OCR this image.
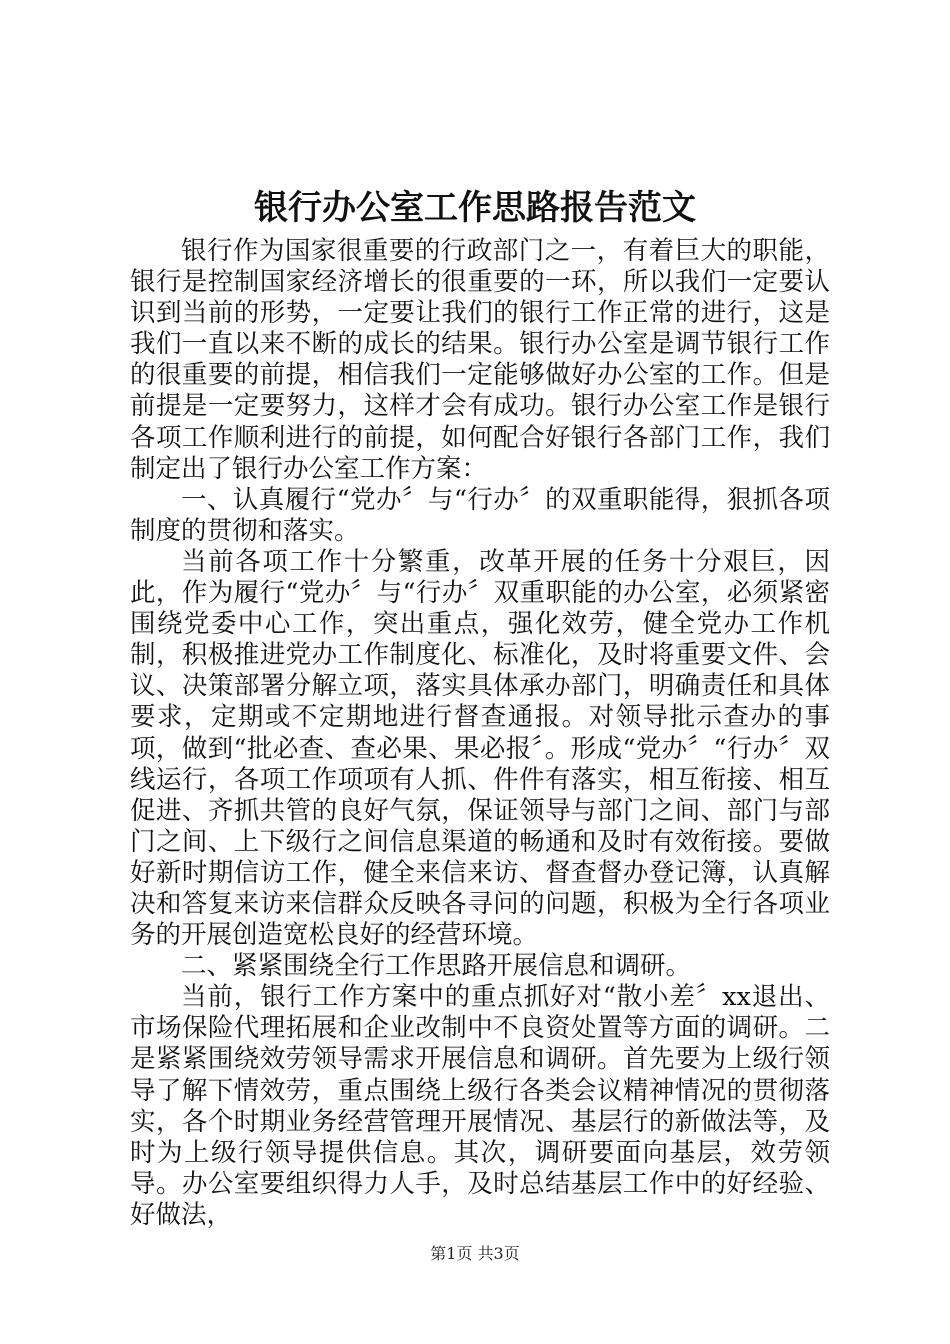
银行办公室工作思路报告范文

银行作为国家很重要的行政部门之一，有着巨大的职能，银行是控制国家经济增长的很重要的一环，所以我们一定要认识到当前的形势，一定要让我们的银行工作正常的进行，这是我们一直以来不断的成长的结果。银行办公室是调节银行工作的很重要的前提，相信我们一定能够做好办公室的工作。但是前提是一定要努力，这样才会有成功。银行办公室工作是银行各项工作顺利进行的前提，如何配合好银行各部门工作，我们制定出了银行办公室工作方案：

一、认真履行“党办〞与“行办〞的双重职能得，狠抓各项制度的贯彻和落实。

当前各项工作十分繁重，改革开展的任务十分艰巨，因此，作为履行“党办〞与“行办〞双重职能的办公室，必须紧密围绕党委中心工作，突出重点，强化效劳，健全党办工作机制，积极推进党办工作制度化、标准化，及时将重要文件、会议、决策部署分解立项，落实具体承办部门，明确责任和具体要求，定期或不定期地进行督查通报。对领导批示查办的事项，做到“批必查、查必果、果必报〞。形成“党办〞“行办〞双线运行，各项工作项项有人抓、件件有落实，相互衔接、相互促进、齐抓共管的良好气氛，保证领导与部门之间、部门与部门之间、上下级行之间信息渠道的畅通和及时有效衔接。要做好新时期信访工作，健全来信来访、督查督办登记簿，认真解决和答复来访来信群众反映各寻问的问题，积极为全行各项业务的开展创造宽松良好的经营环境。

二、紧紧围绕全行工作思路开展信息和调研。

当前，银行工作方案中的重点抓好对“散小差〞xx退出、市场保险代理拓展和企业改制中不良资处置等方面的调研。二是紧紧围绕效劳领导需求开展信息和调研。首先要为上级行领导了解下情效劳，重点围绕上级行各类会议精神情况的贯彻落实，各个时期业务经营管理开展情况、基层行的新做法等，及时为上级行领导提供信息。其次，调研要面向基层，效劳领导。办公室要组织得力人手，及时总结基层工作中的好经验、好做法，

第1页 共3页
